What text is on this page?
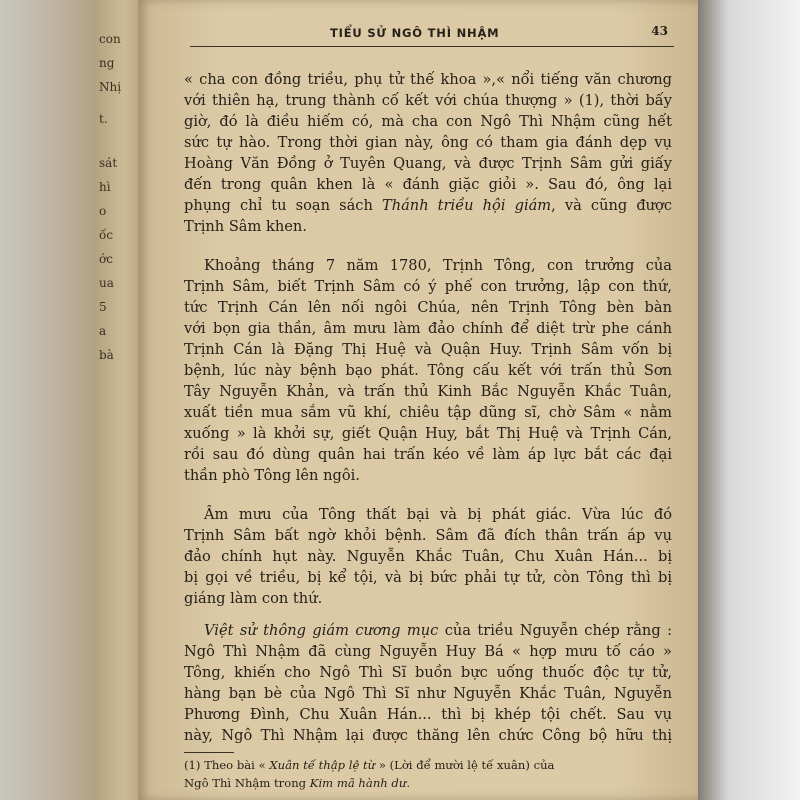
con
ng
Nhị
t.
sát
hì
o
ốc
ớc
ua
5
a
bà
TIỂU SỬ NGÔ THÌ NHẬM	43
« cha con đồng triều, phụ tử thế khoa »,« nổi tiếng văn chương
với thiên hạ, trung thành cố kết với chúa thượng » (1), thời bấy
giờ, đó là điều hiếm có, mà cha con Ngô Thì Nhậm cũng hết
sức tự hào. Trong thời gian này, ông có tham gia đánh dẹp vụ
Hoàng Văn Đồng ở Tuyên Quang, và được Trịnh Sâm gửi giấy
đến trong quân khen là « đánh giặc giỏi ». Sau đó, ông lại
phụng chỉ tu soạn sách Thánh triều hội giám, và cũng được
Trịnh Sâm khen.
Khoảng tháng 7 năm 1780, Trịnh Tông, con trưởng của
Trịnh Sâm, biết Trịnh Sâm có ý phế con trưởng, lập con thứ,
tức Trịnh Cán lên nối ngôi Chúa, nên Trịnh Tông bèn bàn
với bọn gia thần, âm mưu làm đảo chính để diệt trừ phe cánh
Trịnh Cán là Đặng Thị Huệ và Quận Huy. Trịnh Sâm vốn bị
bệnh, lúc này bệnh bạo phát. Tông cấu kết với trấn thủ Sơn
Tây Nguyễn Khản, và trấn thủ Kinh Bắc Nguyễn Khắc Tuân,
xuất tiền mua sắm vũ khí, chiêu tập dũng sĩ, chờ Sâm « nằm
xuống » là khởi sự, giết Quận Huy, bắt Thị Huệ và Trịnh Cán,
rồi sau đó dùng quân hai trấn kéo về làm áp lực bắt các đại
thần phò Tông lên ngôi.
Âm mưu của Tông thất bại và bị phát giác. Vừa lúc đó
Trịnh Sâm bất ngờ khỏi bệnh. Sâm đã đích thân trấn áp vụ
đảo chính hụt này. Nguyễn Khắc Tuân, Chu Xuân Hán... bị
bị gọi về triều, bị kể tội, và bị bức phải tự tử, còn Tông thì bị
giáng làm con thứ.
Việt sử thông giám cương mục của triều Nguyễn chép rằng :
Ngô Thì Nhậm đã cùng Nguyễn Huy Bá « hợp mưu tố cáo »
Tông, khiến cho Ngô Thì Sĩ buồn bực uống thuốc độc tự tử,
hàng bạn bè của Ngô Thì Sĩ như Nguyễn Khắc Tuân, Nguyễn
Phương Đình, Chu Xuân Hán... thì bị khép tội chết. Sau vụ
này, Ngô Thì Nhậm lại được thăng lên chức Công bộ hữu thị
(1) Theo bài « Xuân tế thập lệ từ » (Lời để mười lệ tế xuân) của
Ngô Thì Nhậm trong Kim mã hành dư.
